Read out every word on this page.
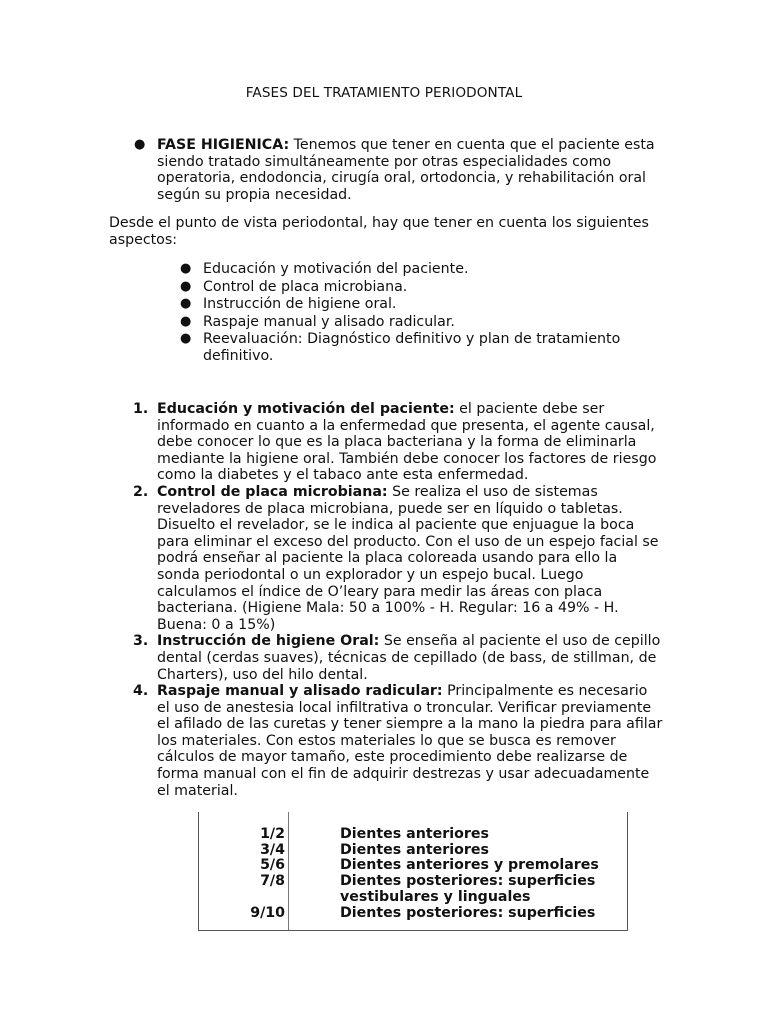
FASES DEL TRATAMIENTO PERIODONTAL
● FASE HIGIENICA: Tenemos que tener en cuenta que el paciente esta siendo tratado simultáneamente por otras especialidades como operatoria, endodoncia, cirugía oral, ortodoncia, y rehabilitación oral según su propia necesidad.
Desde el punto de vista periodontal, hay que tener en cuenta los siguientes aspectos:
● Educación y motivación del paciente.
● Control de placa microbiana.
● Instrucción de higiene oral.
● Raspaje manual y alisado radicular.
● Reevaluación: Diagnóstico definitivo y plan de tratamiento definitivo.
1. Educación y motivación del paciente: el paciente debe ser informado en cuanto a la enfermedad que presenta, el agente causal, debe conocer lo que es la placa bacteriana y la forma de eliminarla mediante la higiene oral. También debe conocer los factores de riesgo como la diabetes y el tabaco ante esta enfermedad.
2. Control de placa microbiana: Se realiza el uso de sistemas reveladores de placa microbiana, puede ser en líquido o tabletas. Disuelto el revelador, se le indica al paciente que enjuague la boca para eliminar el exceso del producto. Con el uso de un espejo facial se podrá enseñar al paciente la placa coloreada usando para ello la sonda periodontal o un explorador y un espejo bucal. Luego calculamos el índice de O’leary para medir las áreas con placa bacteriana. (Higiene Mala: 50 a 100% - H. Regular: 16 a 49% - H. Buena: 0 a 15%)
3. Instrucción de higiene Oral: Se enseña al paciente el uso de cepillo dental (cerdas suaves), técnicas de cepillado (de bass, de stillman, de Charters), uso del hilo dental.
4. Raspaje manual y alisado radicular: Principalmente es necesario el uso de anestesia local infiltrativa o troncular. Verificar previamente el afilado de las curetas y tener siempre a la mano la piedra para afilar los materiales. Con estos materiales lo que se busca es remover cálculos de mayor tamaño, este procedimiento debe realizarse de forma manual con el fin de adquirir destrezas y usar adecuadamente el material.
1/2	Dientes anteriores
3/4	Dientes anteriores
5/6	Dientes anteriores y premolares
7/8	Dientes posteriores: superficies vestibulares y linguales
9/10	Dientes posteriores: superficies
